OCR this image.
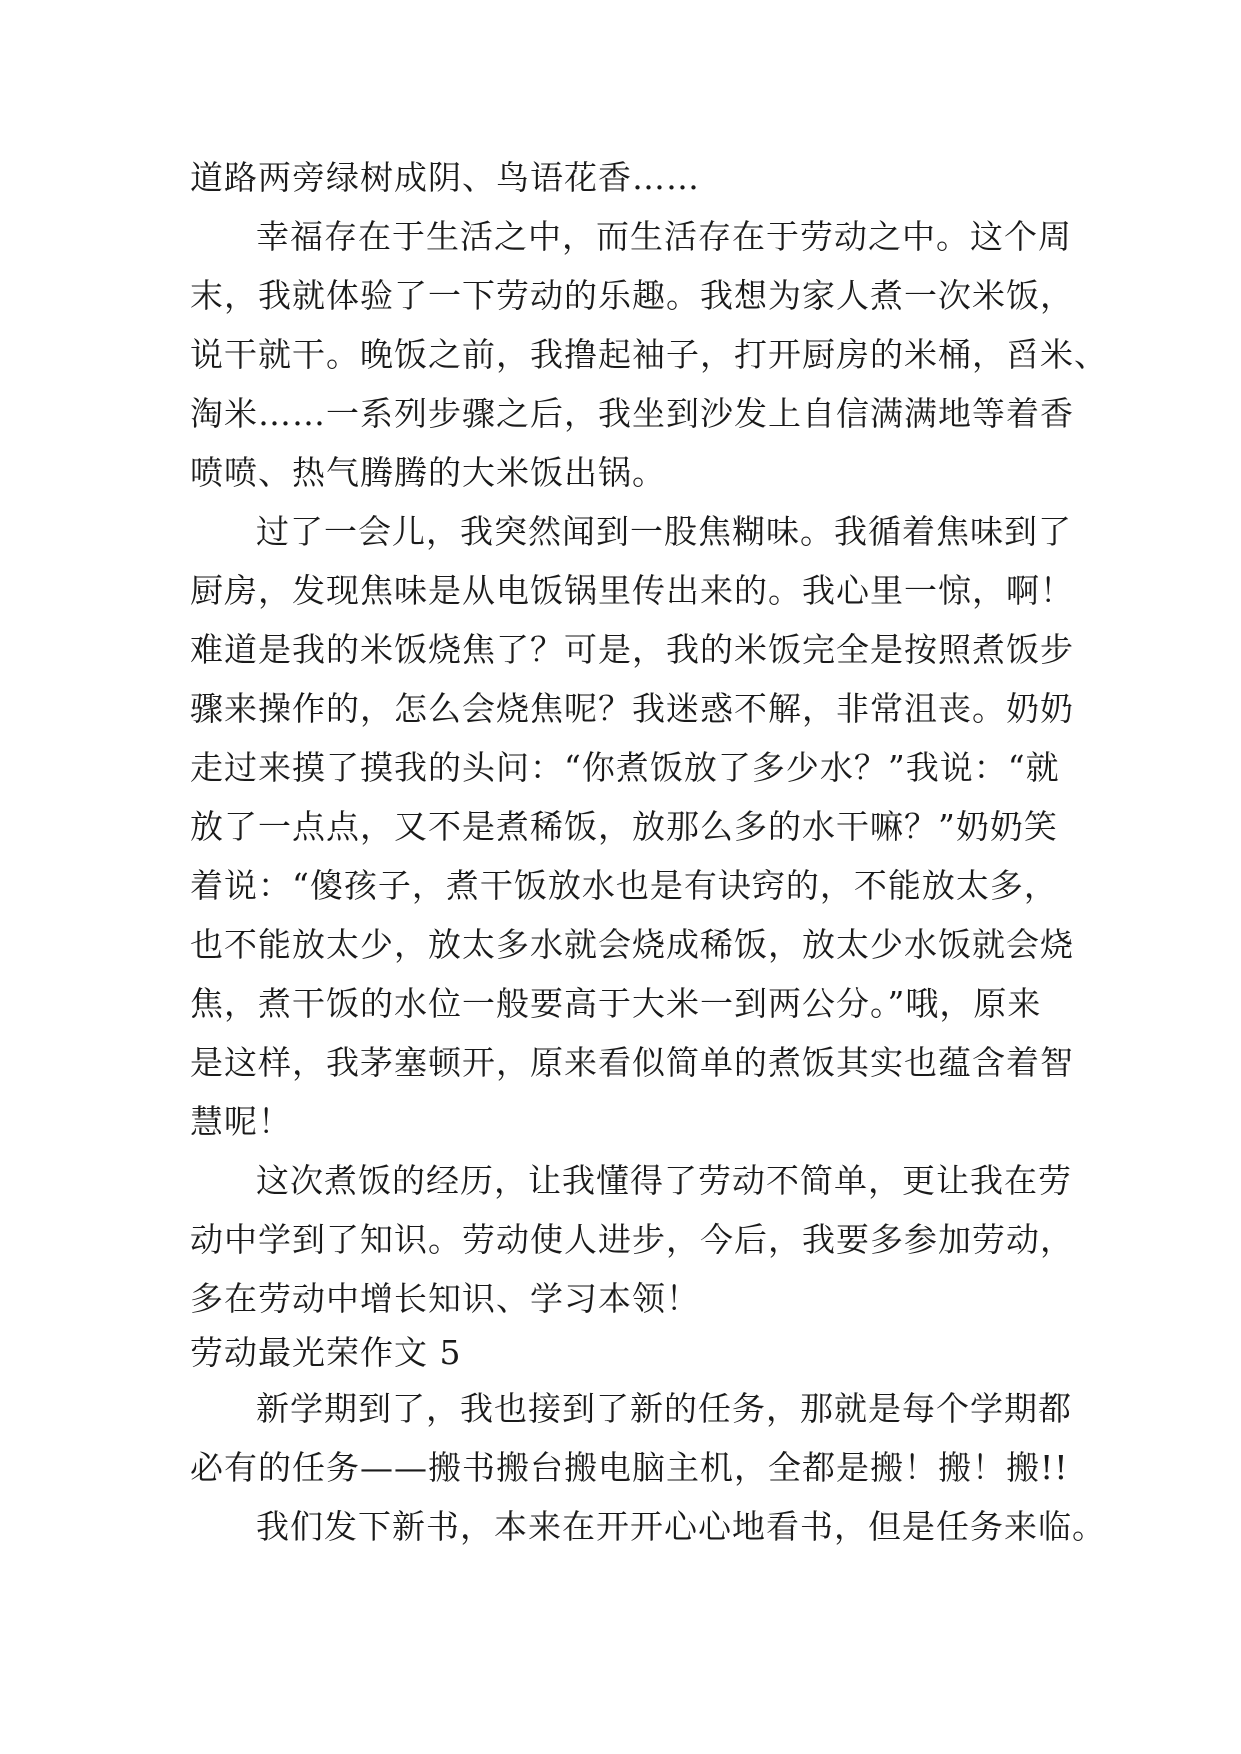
道路两旁绿树成阴、鸟语花香……
幸福存在于生活之中，而生活存在于劳动之中。这个周
末，我就体验了一下劳动的乐趣。我想为家人煮一次米饭，
说干就干。晚饭之前，我撸起袖子，打开厨房的米桶，舀米、
淘米……一系列步骤之后，我坐到沙发上自信满满地等着香
喷喷、热气腾腾的大米饭出锅。
过了一会儿，我突然闻到一股焦糊味。我循着焦味到了
厨房，发现焦味是从电饭锅里传出来的。我心里一惊，啊！
难道是我的米饭烧焦了？可是，我的米饭完全是按照煮饭步
骤来操作的，怎么会烧焦呢？我迷惑不解，非常沮丧。奶奶
走过来摸了摸我的头问：“你煮饭放了多少水？”我说：“就
放了一点点，又不是煮稀饭，放那么多的水干嘛？”奶奶笑
着说：“傻孩子，煮干饭放水也是有诀窍的，不能放太多，
也不能放太少，放太多水就会烧成稀饭，放太少水饭就会烧
焦，煮干饭的水位一般要高于大米一到两公分。”哦，原来
是这样，我茅塞顿开，原来看似简单的煮饭其实也蕴含着智
慧呢！
这次煮饭的经历，让我懂得了劳动不简单，更让我在劳
动中学到了知识。劳动使人进步，今后，我要多参加劳动，
多在劳动中增长知识、学习本领！
劳动最光荣作文 5
新学期到了，我也接到了新的任务，那就是每个学期都
必有的任务——搬书搬台搬电脑主机，全都是搬！搬！搬!!
我们发下新书，本来在开开心心地看书，但是任务来临。
